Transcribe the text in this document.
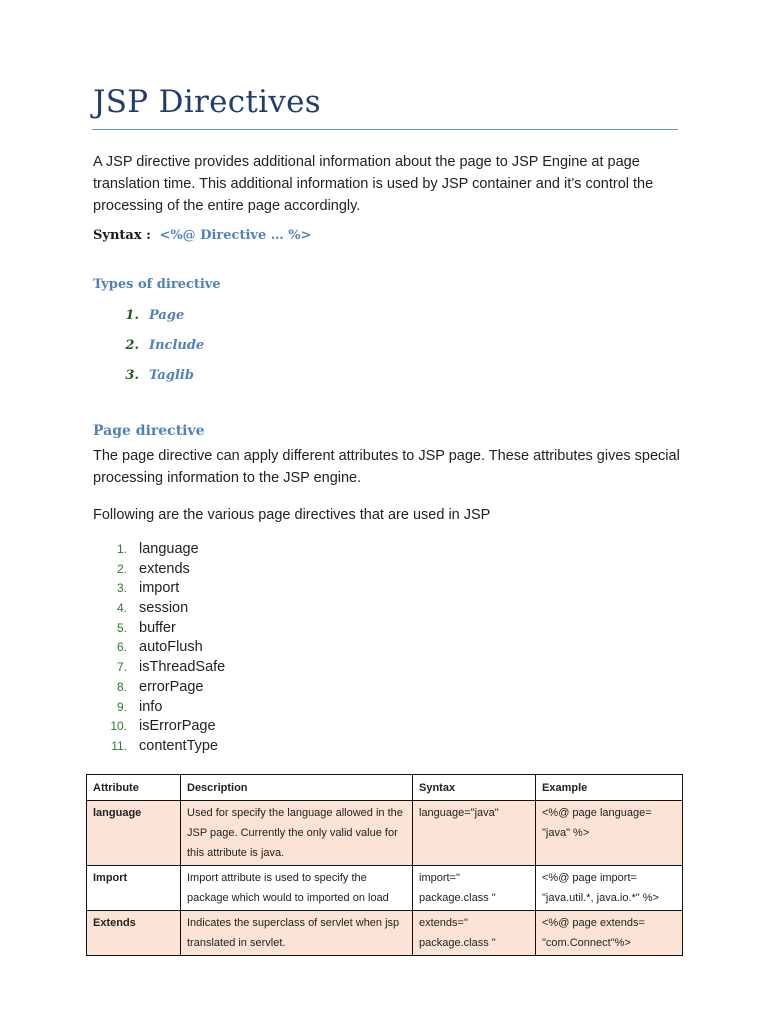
JSP Directives

A JSP directive provides additional information about the page to JSP Engine at page translation time. This additional information is used by JSP container and it’s control the processing of the entire page accordingly.

Syntax : <%@ Directive … %>

Types of directive
1. Page
2. Include
3. Taglib
Page directive

The page directive can apply different attributes to JSP page. These attributes gives special processing information to the JSP engine.

Following are the various page directives that are used in JSP

1. language
2. extends
3. import
4. session
5. buffer
6. autoFlush
7. isThreadSafe
8. errorPage
9. info
10. isErrorPage
11. contentType
Attribute	Description	Syntax	Example
language	Used for specify the language allowed in the JSP page. Currently the only valid value for this attribute is java.	language="java"	<%@ page language= "java" %>
Import	Import attribute is used to specify the package which would to imported on load	import=" package.class "	<%@ page import= "java.util.*, java.io.*" %>
Extends	Indicates the superclass of servlet when jsp translated in servlet.	extends=" package.class "	<%@ page extends= "com.Connect"%>
